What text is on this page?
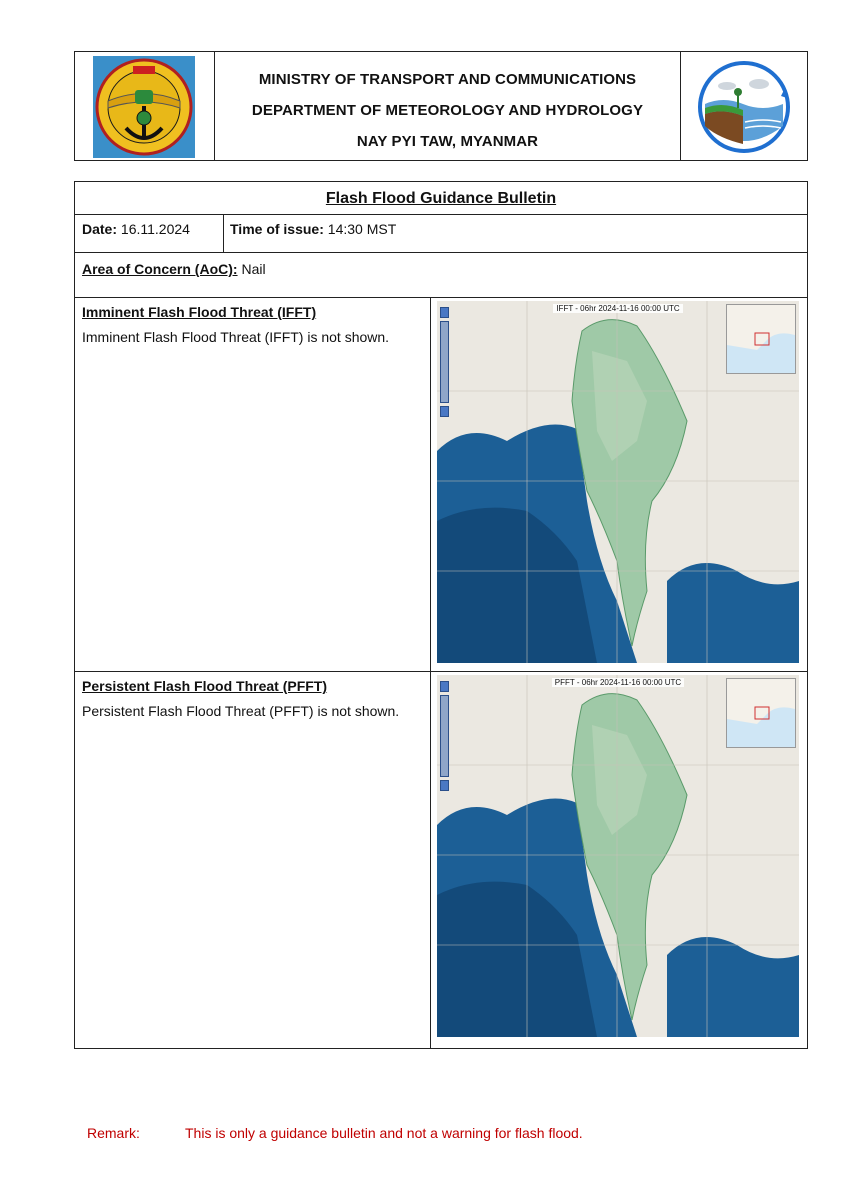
MINISTRY OF TRANSPORT AND COMMUNICATIONS
DEPARTMENT OF METEOROLOGY AND HYDROLOGY
NAY PYI TAW, MYANMAR
Flash Flood Guidance Bulletin
Date: 16.11.2024	Time of issue: 14:30 MST
Area of Concern (AoC): Nail
Imminent Flash Flood Threat (IFFT)
Imminent Flash Flood Threat (IFFT) is not shown.
IFFT - 06hr 2024-11-16 00:00 UTC
Persistent Flash Flood Threat (PFFT)
Persistent Flash Flood Threat (PFFT) is not shown.
PFFT - 06hr 2024-11-16 00:00 UTC
Remark:	This is only a guidance bulletin and not a warning for flash flood.
